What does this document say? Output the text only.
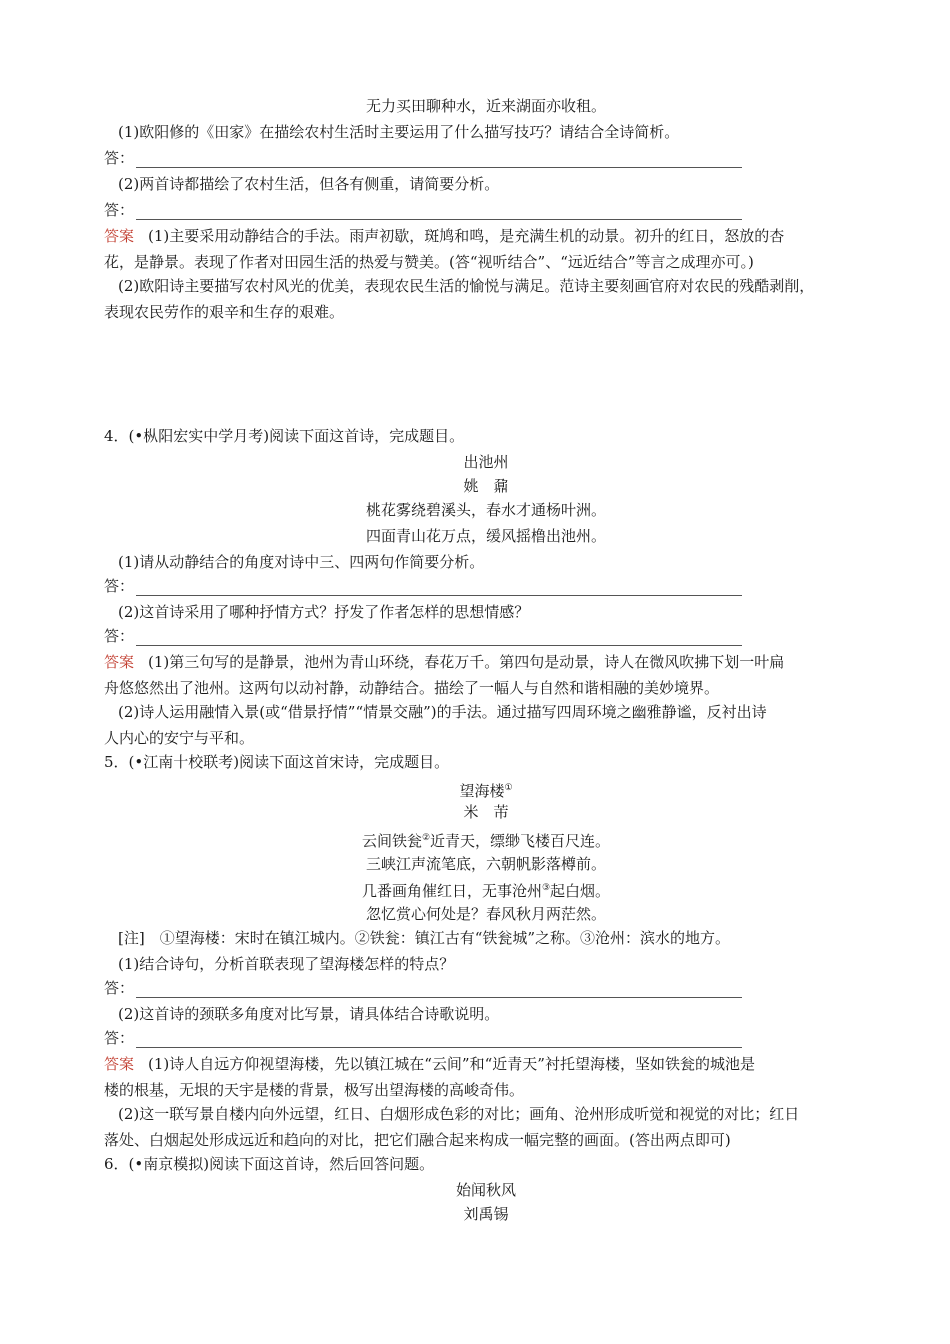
无力买田聊种水，近来湖面亦收租。
(1)欧阳修的《田家》在描绘农村生活时主要运用了什么描写技巧？请结合全诗简析。
答：
(2)两首诗都描绘了农村生活，但各有侧重，请简要分析。
答：
答案 (1)主要采用动静结合的手法。雨声初歇，斑鸠和鸣，是充满生机的动景。初升的红日，怒放的杏
花，是静景。表现了作者对田园生活的热爱与赞美。(答“视听结合”、“远近结合”等言之成理亦可。)
(2)欧阳诗主要描写农村风光的优美，表现农民生活的愉悦与满足。范诗主要刻画官府对农民的残酷剥削，
表现农民劳作的艰辛和生存的艰难。
4．(•枞阳宏实中学月考)阅读下面这首诗，完成题目。
出池州
姚　鼐
桃花雾绕碧溪头，春水才通杨叶洲。
四面青山花万点，缓风摇橹出池州。
(1)请从动静结合的角度对诗中三、四两句作简要分析。
答：
(2)这首诗采用了哪种抒情方式？抒发了作者怎样的思想情感？
答：
答案 (1)第三句写的是静景，池州为青山环绕，春花万千。第四句是动景，诗人在微风吹拂下划一叶扁
舟悠悠然出了池州。这两句以动衬静，动静结合。描绘了一幅人与自然和谐相融的美妙境界。
(2)诗人运用融情入景(或“借景抒情”“情景交融”)的手法。通过描写四周环境之幽雅静谧，反衬出诗
人内心的安宁与平和。
5．(•江南十校联考)阅读下面这首宋诗，完成题目。
望海楼①
米　芾
云间铁瓮②近青天，缥缈飞楼百尺连。
三峡江声流笔底，六朝帆影落樽前。
几番画角催红日，无事沧州③起白烟。
忽忆赏心何处是？春风秋月两茫然。
[注]　①望海楼：宋时在镇江城内。②铁瓮：镇江古有“铁瓮城”之称。③沧州：滨水的地方。
(1)结合诗句，分析首联表现了望海楼怎样的特点？
答：
(2)这首诗的颈联多角度对比写景，请具体结合诗歌说明。
答：
答案 (1)诗人自远方仰视望海楼，先以镇江城在“云间”和“近青天”衬托望海楼，坚如铁瓮的城池是
楼的根基，无垠的天宇是楼的背景，极写出望海楼的高峻奇伟。
(2)这一联写景自楼内向外远望，红日、白烟形成色彩的对比；画角、沧州形成听觉和视觉的对比；红日
落处、白烟起处形成远近和趋向的对比，把它们融合起来构成一幅完整的画面。(答出两点即可)
6．(•南京模拟)阅读下面这首诗，然后回答问题。
始闻秋风
刘禹锡
